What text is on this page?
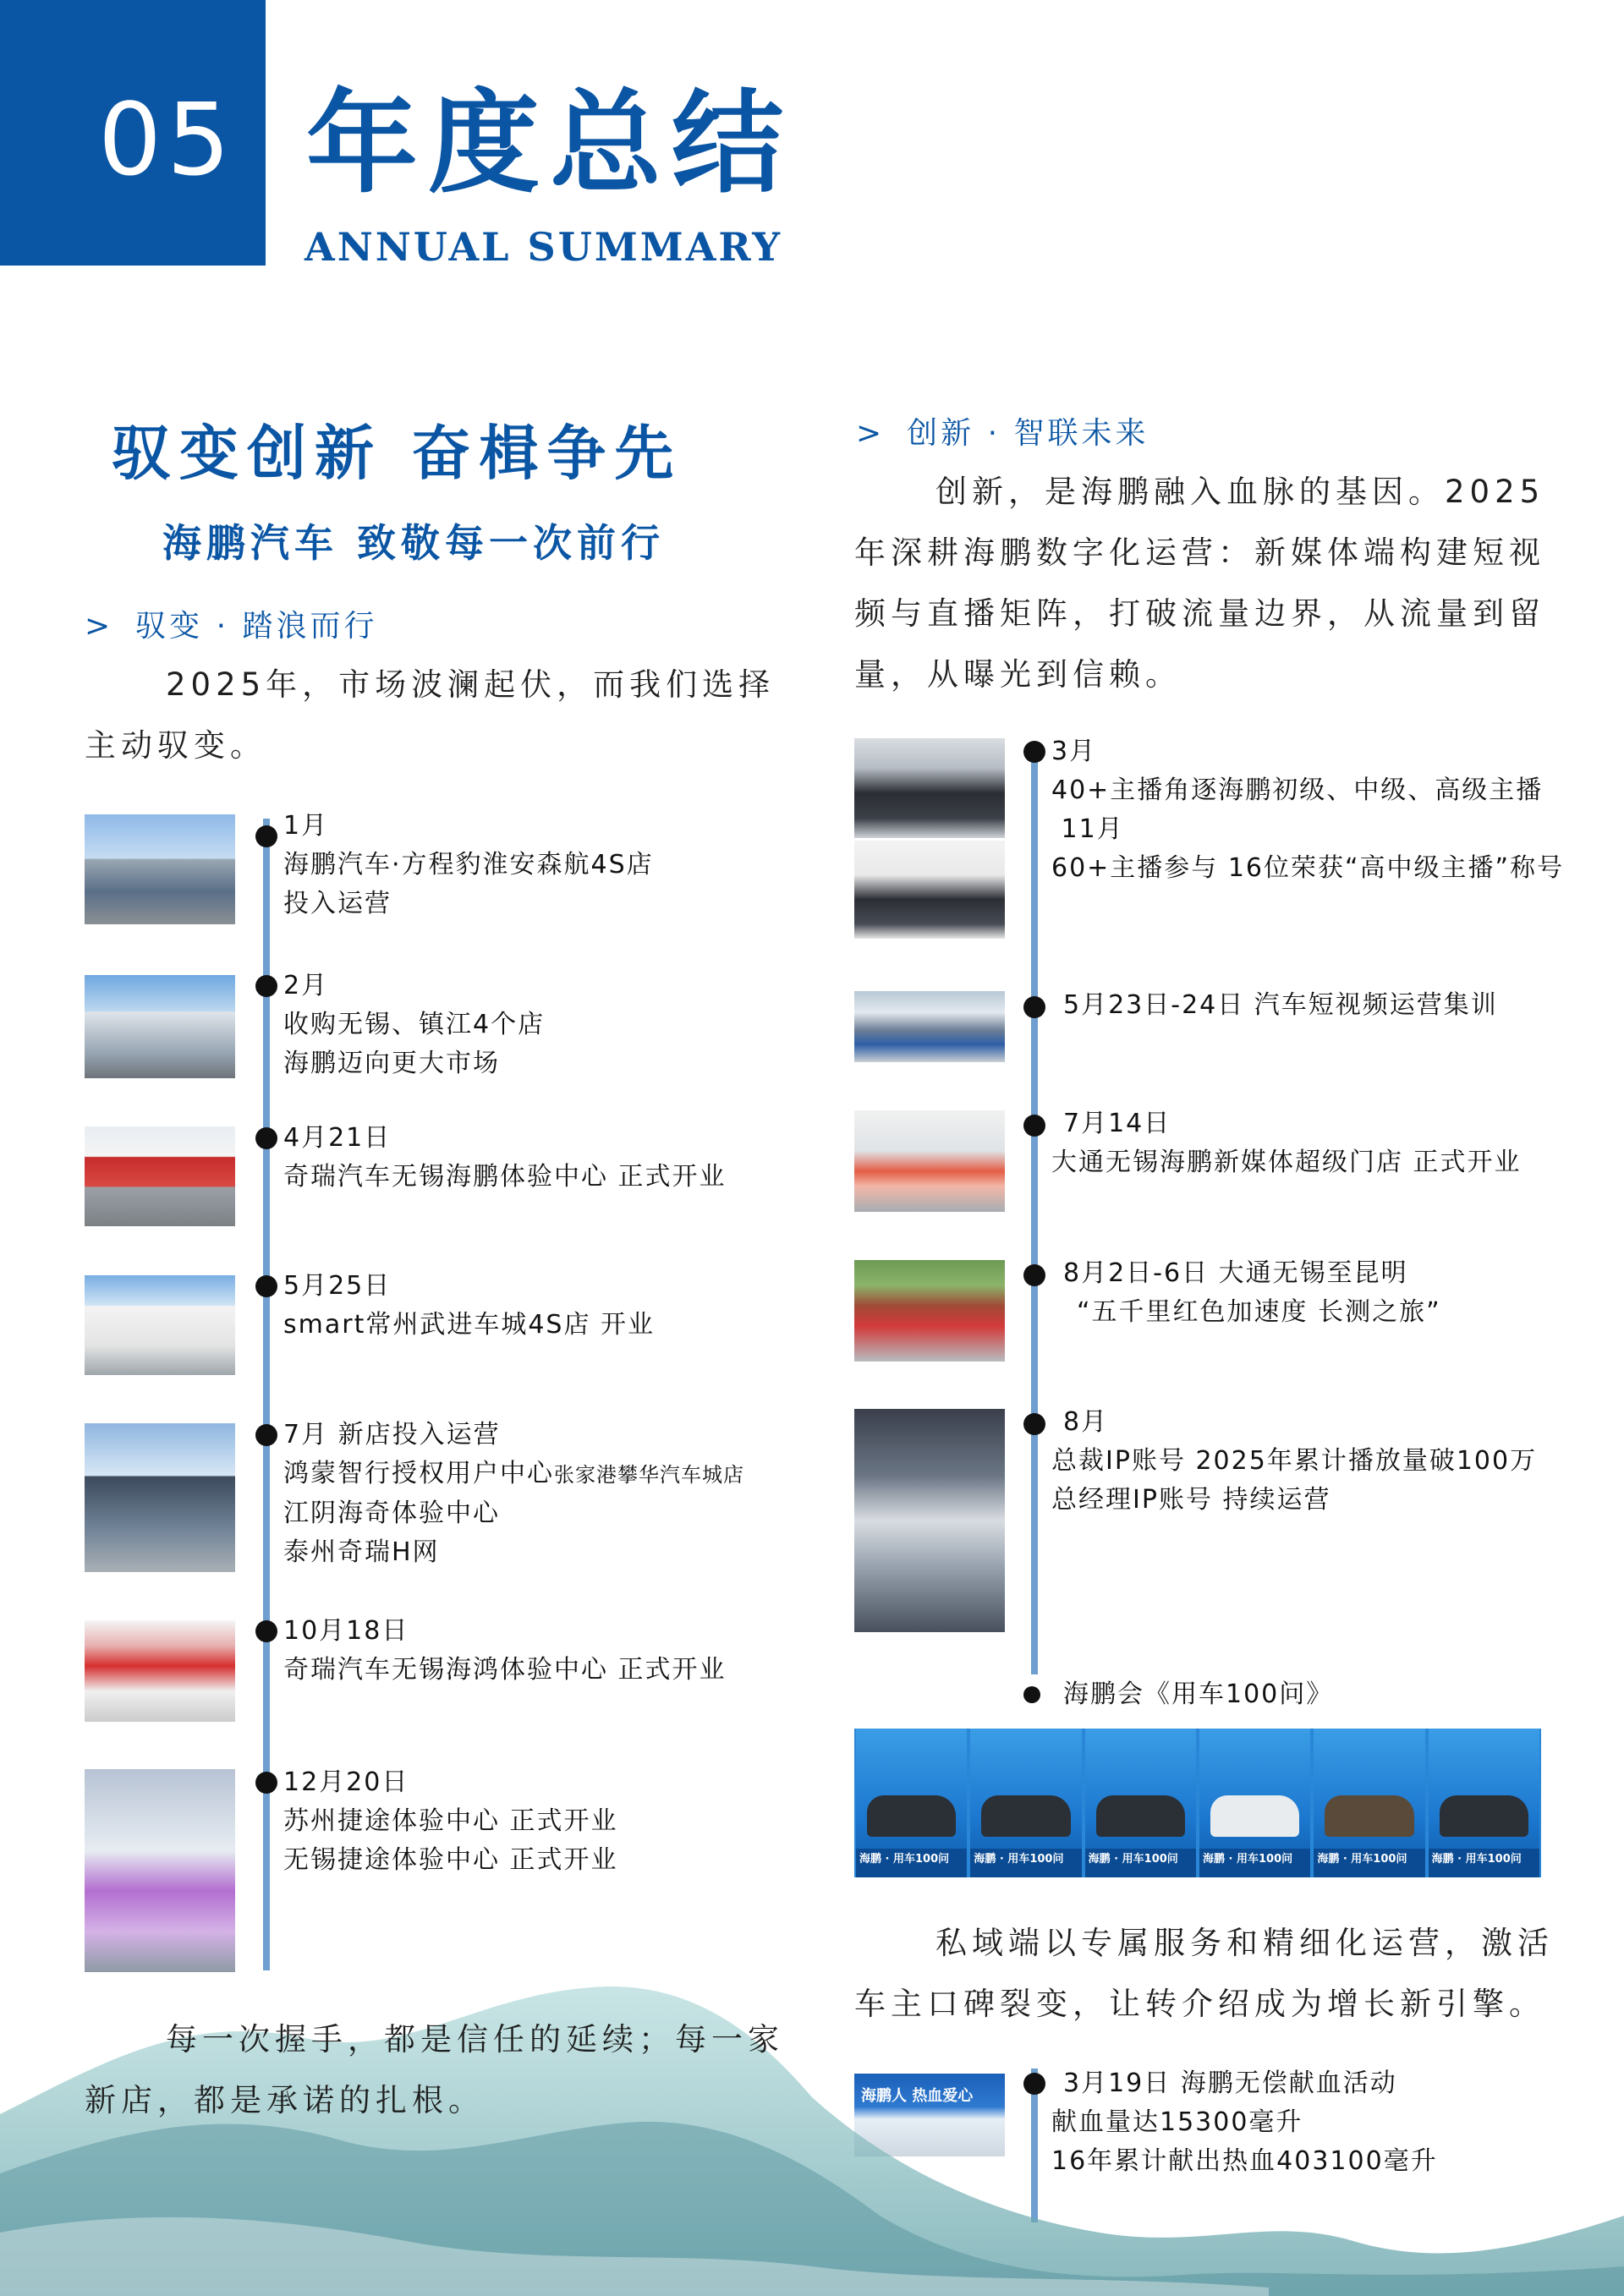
05 年度总结
ANNUAL SUMMARY
驭变创新 奋楫争先
海鹏汽车 致敬每一次前行
> 驭变 · 踏浪而行
2025年，市场波澜起伏，而我们选择主动驭变。
1月
海鹏汽车·方程豹淮安森航4S店
投入运营
2月
收购无锡、镇江4个店
海鹏迈向更大市场
4月21日
奇瑞汽车无锡海鹏体验中心 正式开业
5月25日
smart常州武进车城4S店 开业
7月 新店投入运营
鸿蒙智行授权用户中心张家港攀华汽车城店
江阴海奇体验中心
泰州奇瑞H网
10月18日
奇瑞汽车无锡海鸿体验中心 正式开业
12月20日
苏州捷途体验中心 正式开业
无锡捷途体验中心 正式开业
> 创新 · 智联未来
创新，是海鹏融入血脉的基因。2025年深耕海鹏数字化运营：新媒体端构建短视频与直播矩阵，打破流量边界，从流量到留量，从曝光到信赖。
3月
40+主播角逐海鹏初级、中级、高级主播
11月
60+主播参与 16位荣获“高中级主播”称号
5月23日-24日 汽车短视频运营集训
7月14日
大通无锡海鹏新媒体超级门店 正式开业
8月2日-6日 大通无锡至昆明
“五千里红色加速度 长测之旅”
8月
总裁IP账号 2025年累计播放量破100万
总经理IP账号 持续运营
海鹏会《用车100问》
海鹏 · 用车100问 海鹏 · 用车100问 海鹏 · 用车100问 海鹏 · 用车100问 海鹏 · 用车100问 海鹏 · 用车100问
私域端以专属服务和精细化运营，激活车主口碑裂变，让转介绍成为增长新引擎。
海鹏人 热血爱心	3月19日 海鹏无偿献血活动
献血量达15300毫升
16年累计献出热血403100毫升
每一次握手，都是信任的延续；每一家新店，都是承诺的扎根。
